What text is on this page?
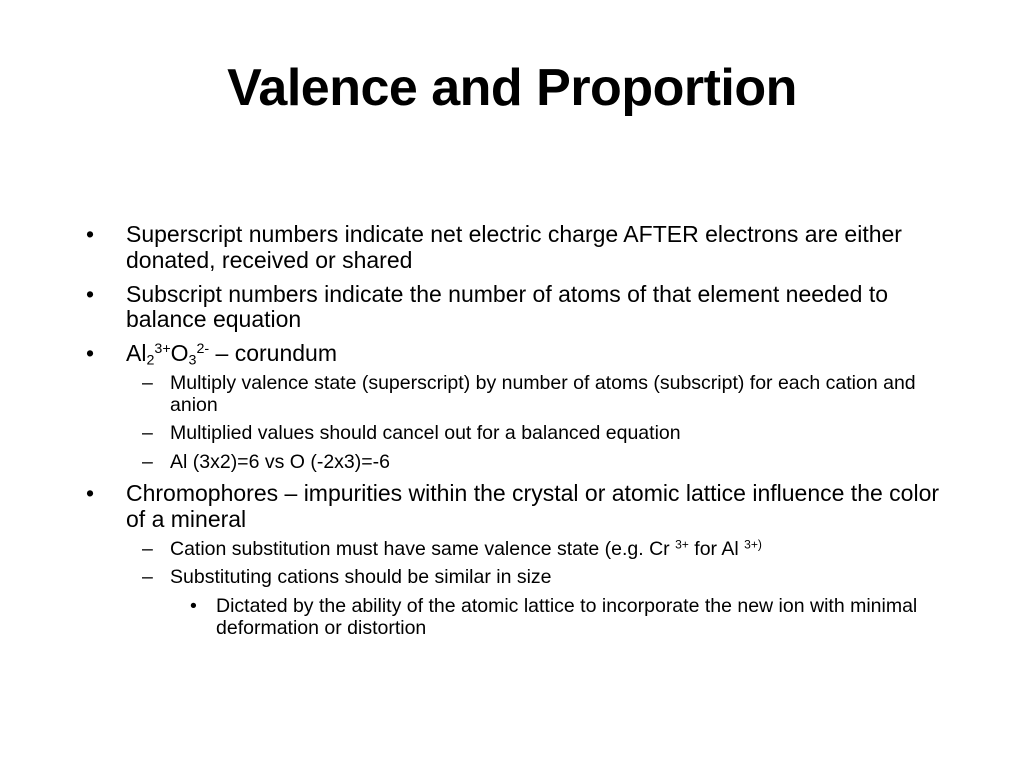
Valence and Proportion
• Superscript numbers indicate net electric charge AFTER electrons are either donated, received or shared
• Subscript numbers indicate the number of atoms of that element needed to balance equation
• $Al_2^{3+}O_3^{2-}$ – corundum
– Multiply valence state (superscript) by number of atoms (subscript) for each cation and anion
– Multiplied values should cancel out for a balanced equation
– Al (3x2)=6 vs O (-2x3)=-6
• Chromophores – impurities within the crystal or atomic lattice influence the color of a mineral
– Cation substitution must have same valence state (e.g. Cr $^{3+}$ for Al $^{3+)}$
– Substituting cations should be similar in size
• Dictated by the ability of the atomic lattice to incorporate the new ion with minimal deformation or distortion
